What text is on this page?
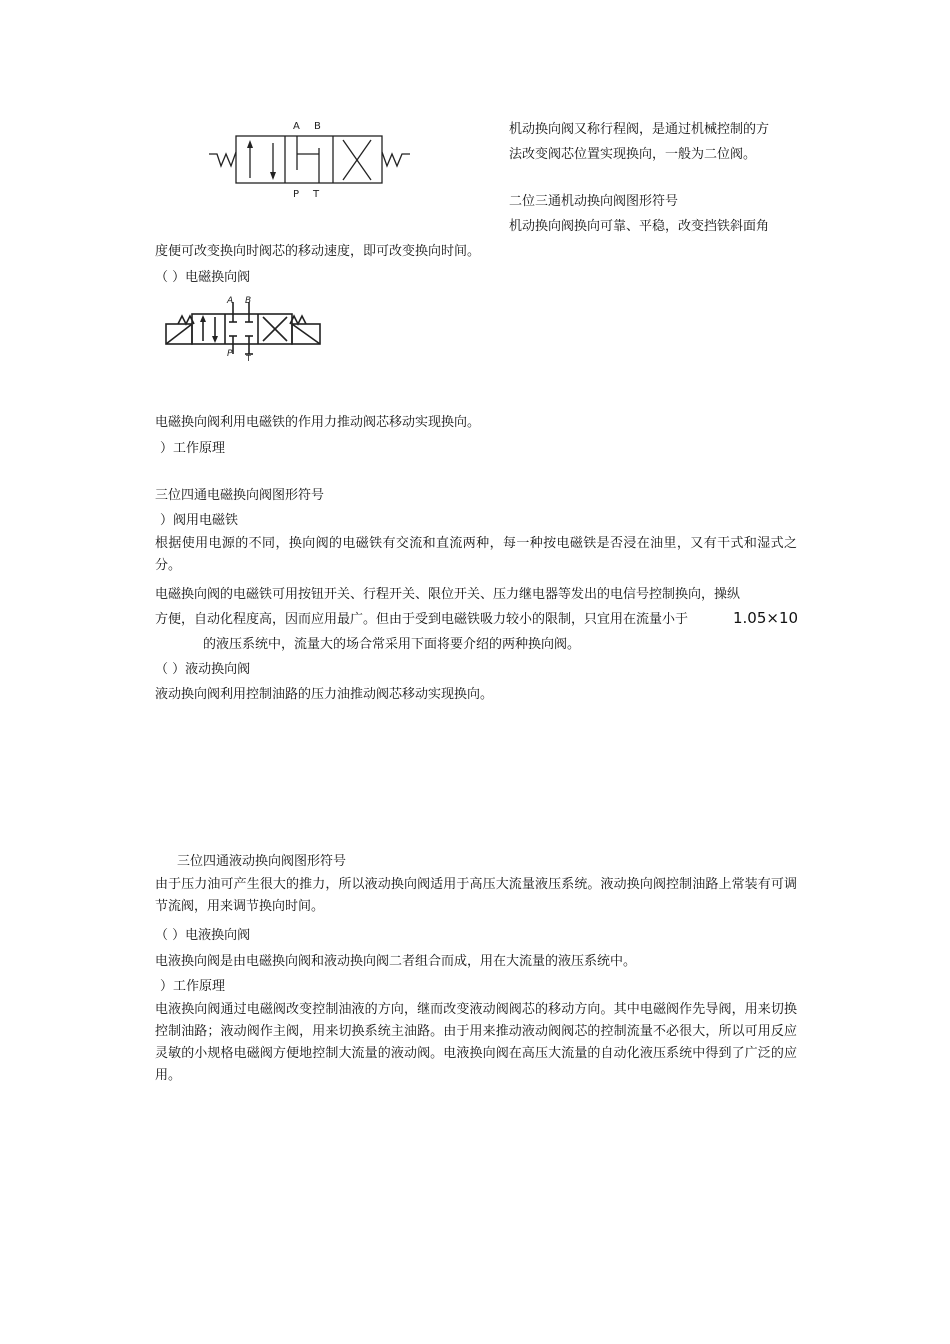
A B
P T
机动换向阀又称行程阀，是通过机械控制的方
法改变阀芯位置实现换向，一般为二位阀。
二位三通机动换向阀图形符号
机动换向阀换向可靠、平稳，改变挡铁斜面角
度便可改变换向时阀芯的移动速度，即可改变换向时间。
（ ）电磁换向阀
A B
P T
电磁换向阀利用电磁铁的作用力推动阀芯移动实现换向。
）工作原理
三位四通电磁换向阀图形符号
）阀用电磁铁
根据使用电源的不同，换向阀的电磁铁有交流和直流两种，每一种按电磁铁是否浸在油里，又有干式和湿式之分。
电磁换向阀的电磁铁可用按钮开关、行程开关、限位开关、压力继电器等发出的电信号控制换向，操纵
方便，自动化程度高，因而应用最广。但由于受到电磁铁吸力较小的限制，只宜用在流量小于	1.05×10
的液压系统中，流量大的场合常采用下面将要介绍的两种换向阀。
（ ）液动换向阀
液动换向阀利用控制油路的压力油推动阀芯移动实现换向。
三位四通液动换向阀图形符号
由于压力油可产生很大的推力，所以液动换向阀适用于高压大流量液压系统。液动换向阀控制油路上常装有可调节流阀，用来调节换向时间。
（ ）电液换向阀
电液换向阀是由电磁换向阀和液动换向阀二者组合而成，用在大流量的液压系统中。
）工作原理
电液换向阀通过电磁阀改变控制油液的方向，继而改变液动阀阀芯的移动方向。其中电磁阀作先导阀，用来切换控制油路；液动阀作主阀，用来切换系统主油路。由于用来推动液动阀阀芯的控制流量不必很大，所以可用反应灵敏的小规格电磁阀方便地控制大流量的液动阀。电液换向阀在高压大流量的自动化液压系统中得到了广泛的应用。
